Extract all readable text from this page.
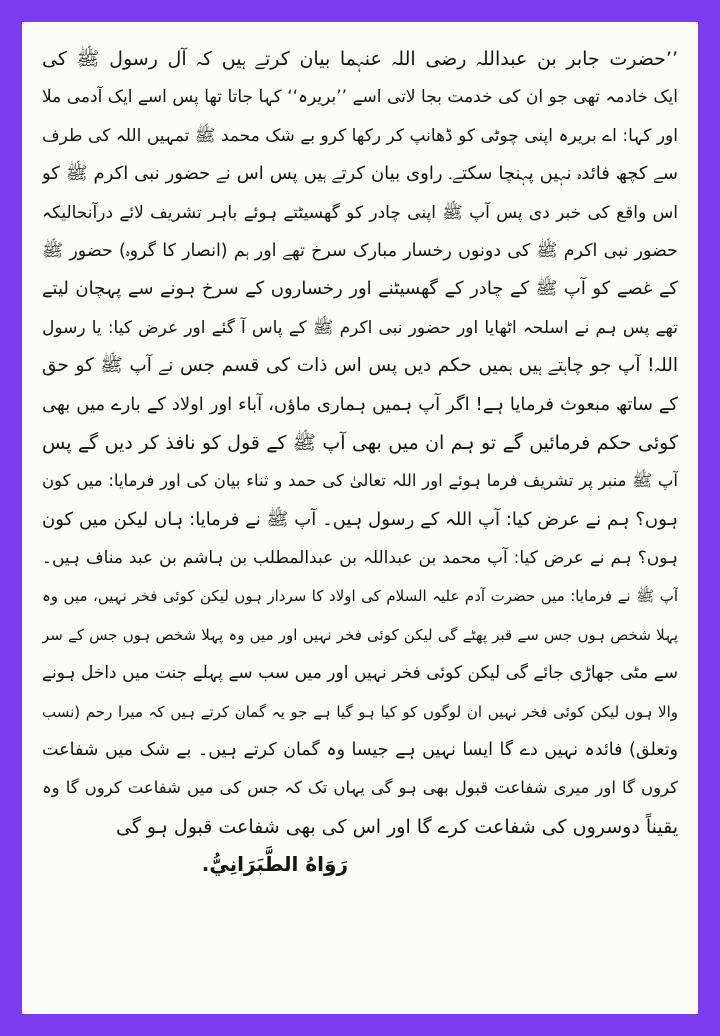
’’حضرت جابر بن عبداللہ رضی اللہ عنہما بیان کرتے ہیں کہ آل رسول ﷺ کی
ایک خادمہ تھی جو ان کی خدمت بجا لاتی اسے ’’بریرہ‘‘ کہا جاتا تھا پس اسے ایک آدمی ملا
اور کہا: اے بریرہ اپنی چوٹی کو ڈھانپ کر رکھا کرو بے شک محمد ﷺ تمہیں اللہ کی طرف
سے کچھ فائدہ نہیں پہنچا سکتے۔ راوی بیان کرتے ہیں پس اس نے حضور نبی اکرم ﷺ کو
اس واقع کی خبر دی پس آپ ﷺ اپنی چادر کو گھسیٹتے ہوئے باہر تشریف لائے درآنحالیکہ
حضور نبی اکرم ﷺ کی دونوں رخسار مبارک سرخ تھے اور ہم (انصار کا گروہ) حضور ﷺ
کے غصے کو آپ ﷺ کے چادر کے گھسیٹنے اور رخساروں کے سرخ ہونے سے پہچان لیتے
تھے پس ہم نے اسلحہ اٹھایا اور حضور نبی اکرم ﷺ کے پاس آ گئے اور عرض کیا: یا رسول
اللہ! آپ جو چاہتے ہیں ہمیں حکم دیں پس اس ذات کی قسم جس نے آپ ﷺ کو حق
کے ساتھ مبعوث فرمایا ہے! اگر آپ ہمیں ہماری ماؤں، آباء اور اولاد کے بارے میں بھی
کوئی حکم فرمائیں گے تو ہم ان میں بھی آپ ﷺ کے قول کو نافذ کر دیں گے پس
آپ ﷺ منبر پر تشریف فرما ہوئے اور اللہ تعالیٰ کی حمد و ثناء بیان کی اور فرمایا: میں کون
ہوں؟ ہم نے عرض کیا: آپ اللہ کے رسول ہیں۔ آپ ﷺ نے فرمایا: ہاں لیکن میں کون
ہوں؟ ہم نے عرض کیا: آپ محمد بن عبداللہ بن عبدالمطلب بن ہاشم بن عبد مناف ہیں۔
آپ ﷺ نے فرمایا: میں حضرت آدم علیہ السلام کی اولاد کا سردار ہوں لیکن کوئی فخر نہیں، میں وہ
پہلا شخص ہوں جس سے قبر پھٹے گی لیکن کوئی فخر نہیں اور میں وہ پہلا شخص ہوں جس کے سر
سے مٹی جھاڑی جائے گی لیکن کوئی فخر نہیں اور میں سب سے پہلے جنت میں داخل ہونے
والا ہوں لیکن کوئی فخر نہیں ان لوگوں کو کیا ہو گیا ہے جو یہ گمان کرتے ہیں کہ میرا رحم (نسب
وتعلق) فائدہ نہیں دے گا ایسا نہیں ہے جیسا وہ گمان کرتے ہیں۔ بے شک میں شفاعت
کروں گا اور میری شفاعت قبول بھی ہو گی یہاں تک کہ جس کی میں شفاعت کروں گا وہ
یقیناً دوسروں کی شفاعت کرے گا اور اس کی بھی شفاعت قبول ہو گی
رَوَاهُ الطَّبَرَانِيُّ.
